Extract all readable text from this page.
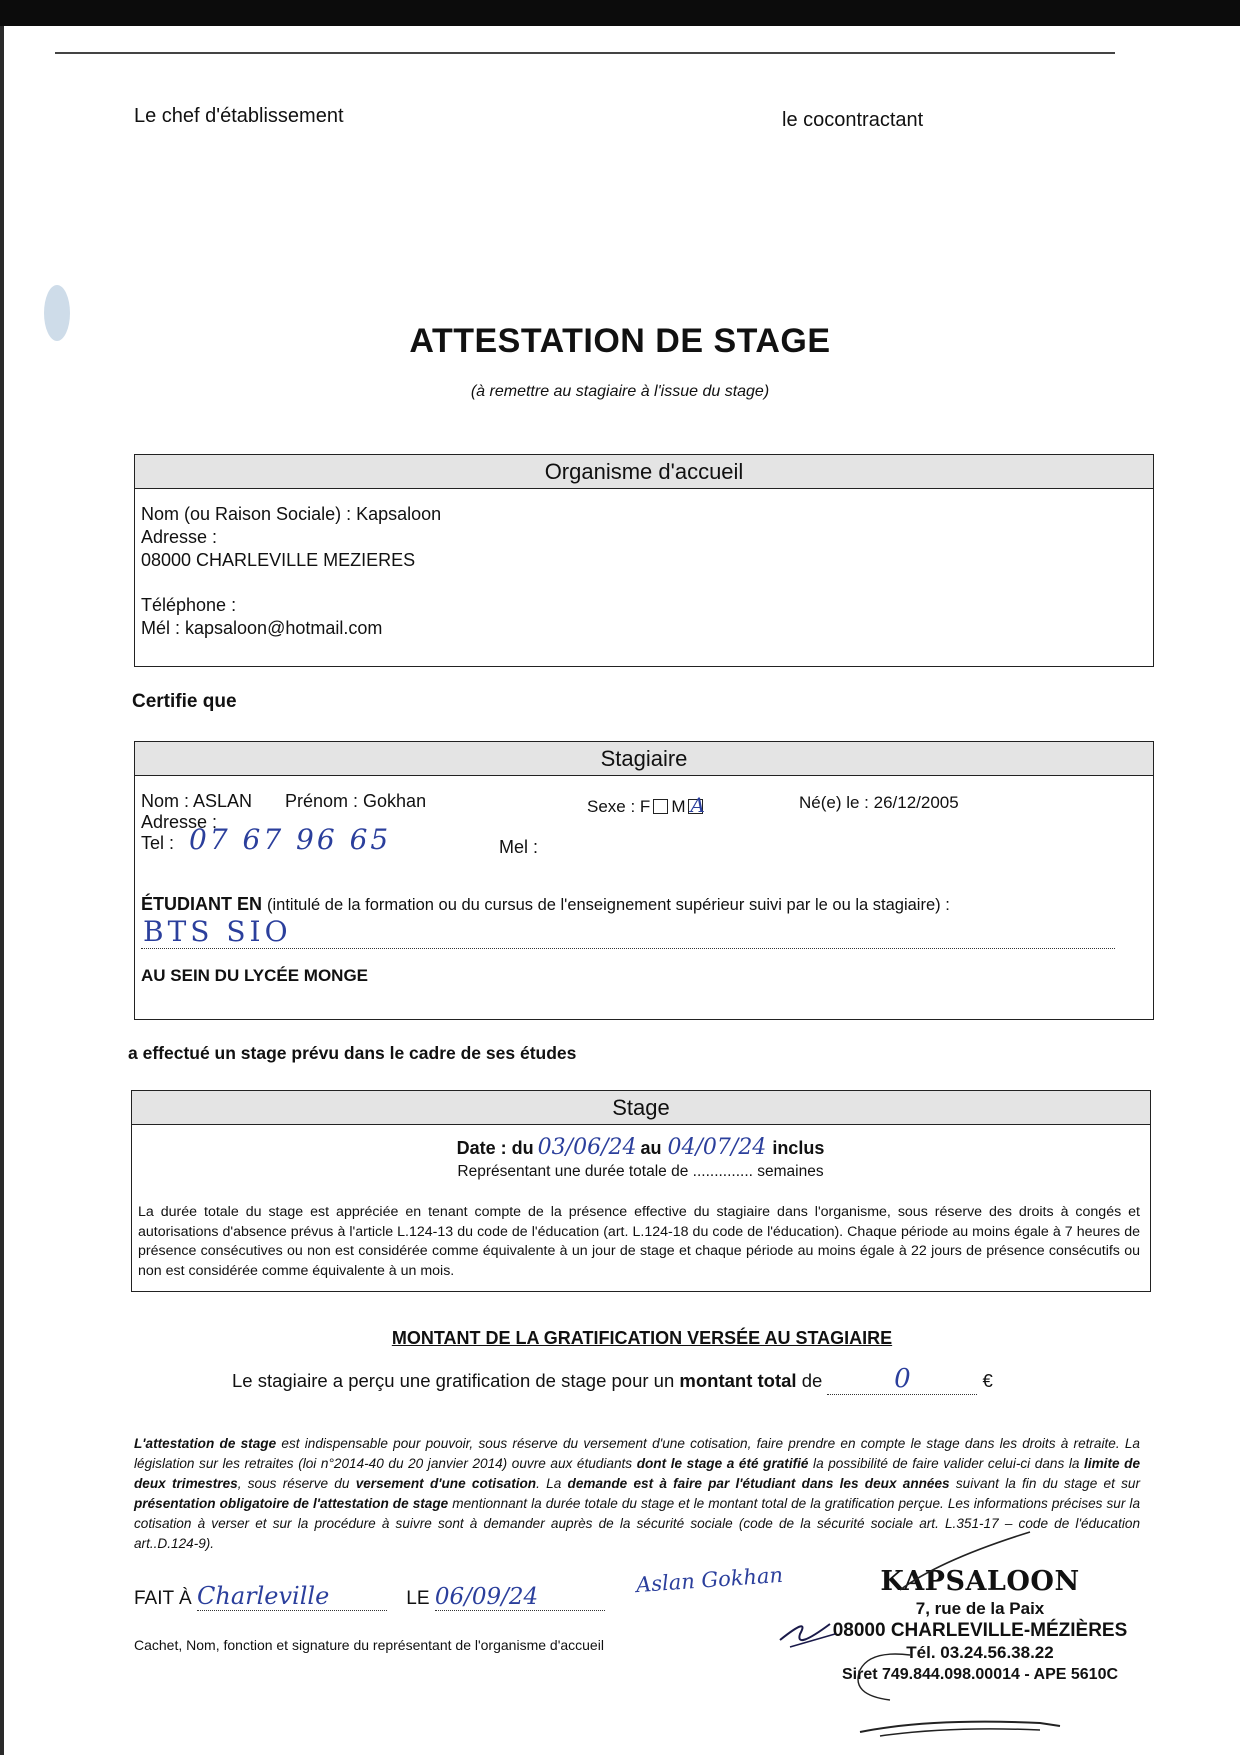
Le chef d'établissement	le cocontractant
ATTESTATION DE STAGE
(à remettre au stagiaire à l'issue du stage)
Organisme d'accueil
Nom (ou Raison Sociale) : Kapsaloon
Adresse :
08000 CHARLEVILLE MEZIERES
Téléphone :
Mél : kapsaloon@hotmail.com
Certifie que
Stagiaire
Nom : ASLAN Prénom : Gokhan	Sexe : F M A	Né(e) le : 26/12/2005
Adresse :
Tel : 07 67 96 65	Mel :
ÉTUDIANT EN (intitulé de la formation ou du cursus de l'enseignement supérieur suivi par le ou la stagiaire) :
BTS SIO
AU SEIN DU LYCÉE MONGE
a effectué un stage prévu dans le cadre de ses études
Stage
Date : du 03/06/24 au 04/07/24 inclus
Représentant une durée totale de .............. semaines
La durée totale du stage est appréciée en tenant compte de la présence effective du stagiaire dans l'organisme, sous réserve des droits à congés et autorisations d'absence prévus à l'article L.124-13 du code de l'éducation (art. L.124-18 du code de l'éducation). Chaque période au moins égale à 7 heures de présence consécutives ou non est considérée comme équivalente à un jour de stage et chaque période au moins égale à 22 jours de présence consécutifs ou non est considérée comme équivalente à un mois.
MONTANT DE LA GRATIFICATION VERSÉE AU STAGIAIRE
Le stagiaire a perçu une gratification de stage pour un montant total de	0	€
L'attestation de stage est indispensable pour pouvoir, sous réserve du versement d'une cotisation, faire prendre en compte le stage dans les droits à retraite. La législation sur les retraites (loi n°2014-40 du 20 janvier 2014) ouvre aux étudiants dont le stage a été gratifié la possibilité de faire valider celui-ci dans la limite de deux trimestres, sous réserve du versement d'une cotisation. La demande est à faire par l'étudiant dans les deux années suivant la fin du stage et sur présentation obligatoire de l'attestation de stage mentionnant la durée totale du stage et le montant total de la gratification perçue. Les informations précises sur la cotisation à verser et sur la procédure à suivre sont à demander auprès de la sécurité sociale (code de la sécurité sociale art. L.351-17 – code de l'éducation art..D.124-9).
FAIT À Charleville	LE 06/09/24	Aslan Gokhan
Cachet, Nom, fonction et signature du représentant de l'organisme d'accueil
KAPSALOON
7, rue de la Paix
08000 CHARLEVILLE-MÉZIÈRES
Tél. 03.24.56.38.22
Siret 749.844.098.00014 - APE 5610C
